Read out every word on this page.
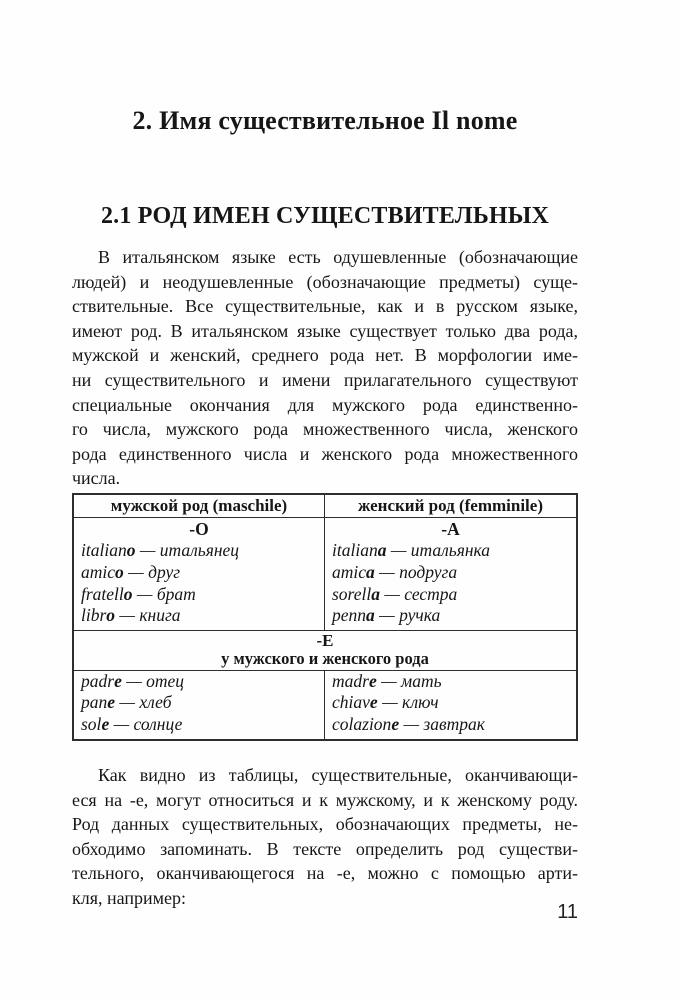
2. Имя существительное Il nome
2.1 РОД ИМЕН СУЩЕСТВИТЕЛЬНЫХ
В итальянском языке есть одушевленные (обозначающие
людей) и неодушевленные (обозначающие предметы) суще-
ствительные. Все существительные, как и в русском языке,
имеют род. В итальянском языке существует только два рода,
мужской и женский, среднего рода нет. В морфологии име-
ни существительного и имени прилагательного существуют
специальные окончания для мужского рода единственно-
го числа, мужского рода множественного числа, женского
рода единственного числа и женского рода множественного
числа.
мужской род (maschile)	женский род (femminile)
-О
italiano — итальянец
amico — друг
fratello — брат
libro — книга
-А
italiana — итальянка
amica — подруга
sorella — сестра
penna — ручка
-Е
у мужского и женского рода
padre — отец
pane — хлеб
sole — солнце
madre — мать
chiave — ключ
colazione — завтрак
Как видно из таблицы, существительные, оканчивающи-
еся на -е, могут относиться и к мужскому, и к женскому роду.
Род данных существительных, обозначающих предметы, не-
обходимо запоминать. В тексте определить род существи-
тельного, оканчивающегося на -е, можно с помощью арти-
кля, например:
11
